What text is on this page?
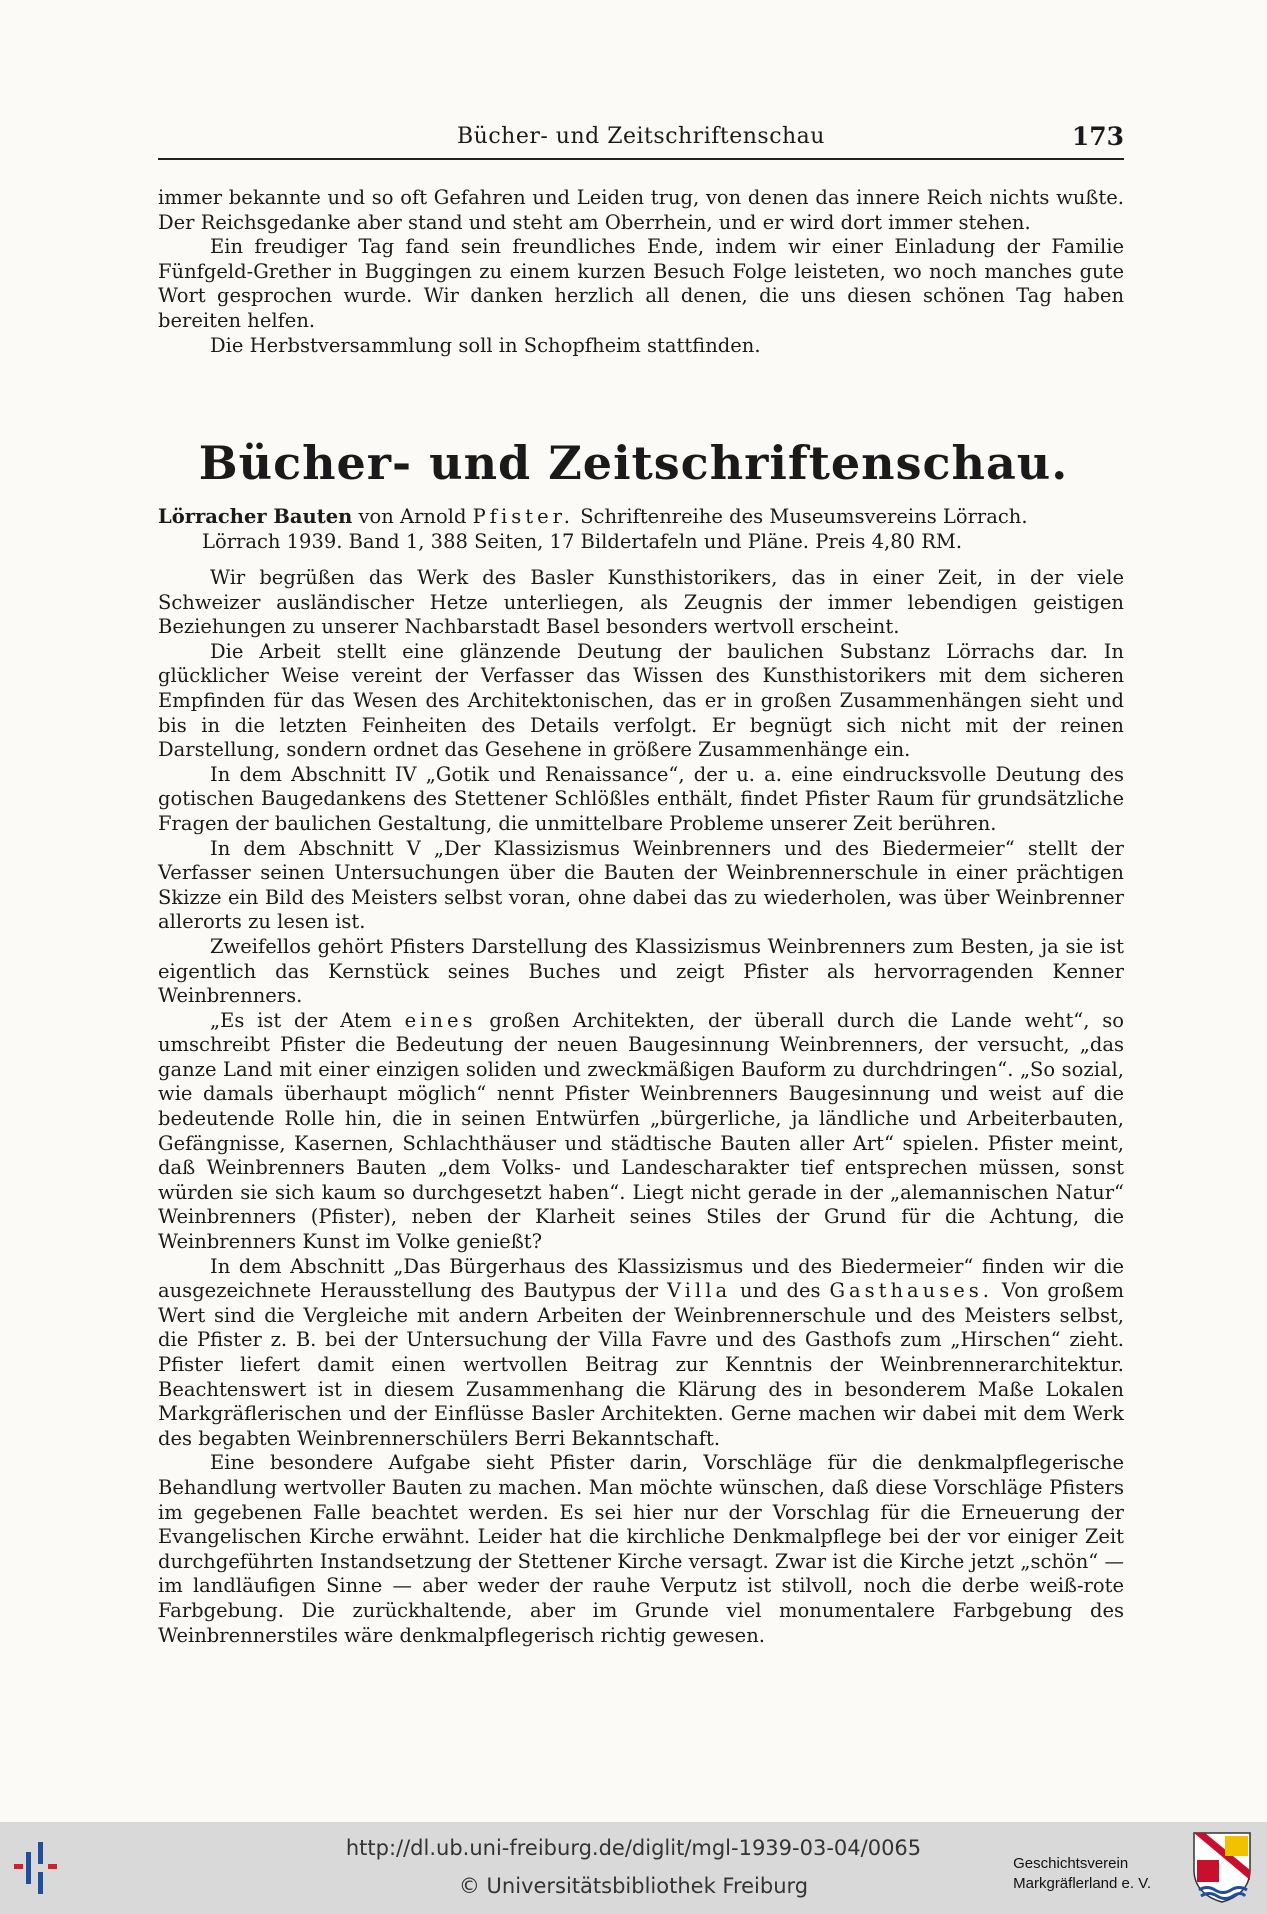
Bücher- und Zeitschriftenschau	173

immer bekannte und so oft Gefahren und Leiden trug, von denen das innere Reich nichts wußte. Der Reichsgedanke aber stand und steht am Oberrhein, und er wird dort immer stehen.

Ein freudiger Tag fand sein freundliches Ende, indem wir einer Einladung der Familie Fünfgeld-Grether in Buggingen zu einem kurzen Besuch Folge leisteten, wo noch manches gute Wort gesprochen wurde. Wir danken herzlich all denen, die uns diesen schönen Tag haben bereiten helfen.

Die Herbstversammlung soll in Schopfheim stattfinden.

Bücher- und Zeitschriftenschau.
Lörracher Bauten von Arnold Pfister. Schriftenreihe des Museumsvereins Lörrach.
Lörrach 1939. Band 1, 388 Seiten, 17 Bildertafeln und Pläne. Preis 4,80 RM.

Wir begrüßen das Werk des Basler Kunsthistorikers, das in einer Zeit, in der viele Schweizer ausländischer Hetze unterliegen, als Zeugnis der immer lebendigen geistigen Beziehungen zu unserer Nachbarstadt Basel besonders wertvoll erscheint.

Die Arbeit stellt eine glänzende Deutung der baulichen Substanz Lörrachs dar. In glücklicher Weise vereint der Verfasser das Wissen des Kunsthistorikers mit dem sicheren Empfinden für das Wesen des Architektonischen, das er in großen Zusammenhängen sieht und bis in die letzten Feinheiten des Details verfolgt. Er begnügt sich nicht mit der reinen Darstellung, sondern ordnet das Gesehene in größere Zusammenhänge ein.

In dem Abschnitt IV „Gotik und Renaissance“, der u. a. eine eindrucksvolle Deutung des gotischen Baugedankens des Stettener Schlößles enthält, findet Pfister Raum für grundsätzliche Fragen der baulichen Gestaltung, die unmittelbare Probleme unserer Zeit berühren.

In dem Abschnitt V „Der Klassizismus Weinbrenners und des Biedermeier“ stellt der Verfasser seinen Untersuchungen über die Bauten der Weinbrennerschule in einer prächtigen Skizze ein Bild des Meisters selbst voran, ohne dabei das zu wiederholen, was über Weinbrenner allerorts zu lesen ist.

Zweifellos gehört Pfisters Darstellung des Klassizismus Weinbrenners zum Besten, ja sie ist eigentlich das Kernstück seines Buches und zeigt Pfister als hervorragenden Kenner Weinbrenners.

„Es ist der Atem eines großen Architekten, der überall durch die Lande weht“, so umschreibt Pfister die Bedeutung der neuen Baugesinnung Weinbrenners, der versucht, „das ganze Land mit einer einzigen soliden und zweckmäßigen Bauform zu durchdringen“. „So sozial, wie damals überhaupt möglich“ nennt Pfister Weinbrenners Baugesinnung und weist auf die bedeutende Rolle hin, die in seinen Entwürfen „bürgerliche, ja ländliche und Arbeiterbauten, Gefängnisse, Kasernen, Schlachthäuser und städtische Bauten aller Art“ spielen. Pfister meint, daß Weinbrenners Bauten „dem Volks- und Landescharakter tief entsprechen müssen, sonst würden sie sich kaum so durchgesetzt haben“. Liegt nicht gerade in der „alemannischen Natur“ Weinbrenners (Pfister), neben der Klarheit seines Stiles der Grund für die Achtung, die Weinbrenners Kunst im Volke genießt?

In dem Abschnitt „Das Bürgerhaus des Klassizismus und des Biedermeier“ finden wir die ausgezeichnete Herausstellung des Bautypus der Villa und des Gasthauses. Von großem Wert sind die Vergleiche mit andern Arbeiten der Weinbrennerschule und des Meisters selbst, die Pfister z. B. bei der Untersuchung der Villa Favre und des Gasthofs zum „Hirschen“ zieht. Pfister liefert damit einen wertvollen Beitrag zur Kenntnis der Weinbrennerarchitektur. Beachtenswert ist in diesem Zusammenhang die Klärung des in besonderem Maße Lokalen Markgräflerischen und der Einflüsse Basler Architekten. Gerne machen wir dabei mit dem Werk des begabten Weinbrennerschülers Berri Bekanntschaft.

Eine besondere Aufgabe sieht Pfister darin, Vorschläge für die denkmalpflegerische Behandlung wertvoller Bauten zu machen. Man möchte wünschen, daß diese Vorschläge Pfisters im gegebenen Falle beachtet werden. Es sei hier nur der Vorschlag für die Erneuerung der Evangelischen Kirche erwähnt. Leider hat die kirchliche Denkmalpflege bei der vor einiger Zeit durchgeführten Instandsetzung der Stettener Kirche versagt. Zwar ist die Kirche jetzt „schön“ — im landläufigen Sinne — aber weder der rauhe Verputz ist stilvoll, noch die derbe weiß-rote Farbgebung. Die zurückhaltende, aber im Grunde viel monumentalere Farbgebung des Weinbrennerstiles wäre denkmalpflegerisch richtig gewesen.

http://dl.ub.uni-freiburg.de/diglit/mgl-1939-03-04/0065
© Universitätsbibliothek Freiburg
Geschichtsverein
Markgräflerland e. V.
